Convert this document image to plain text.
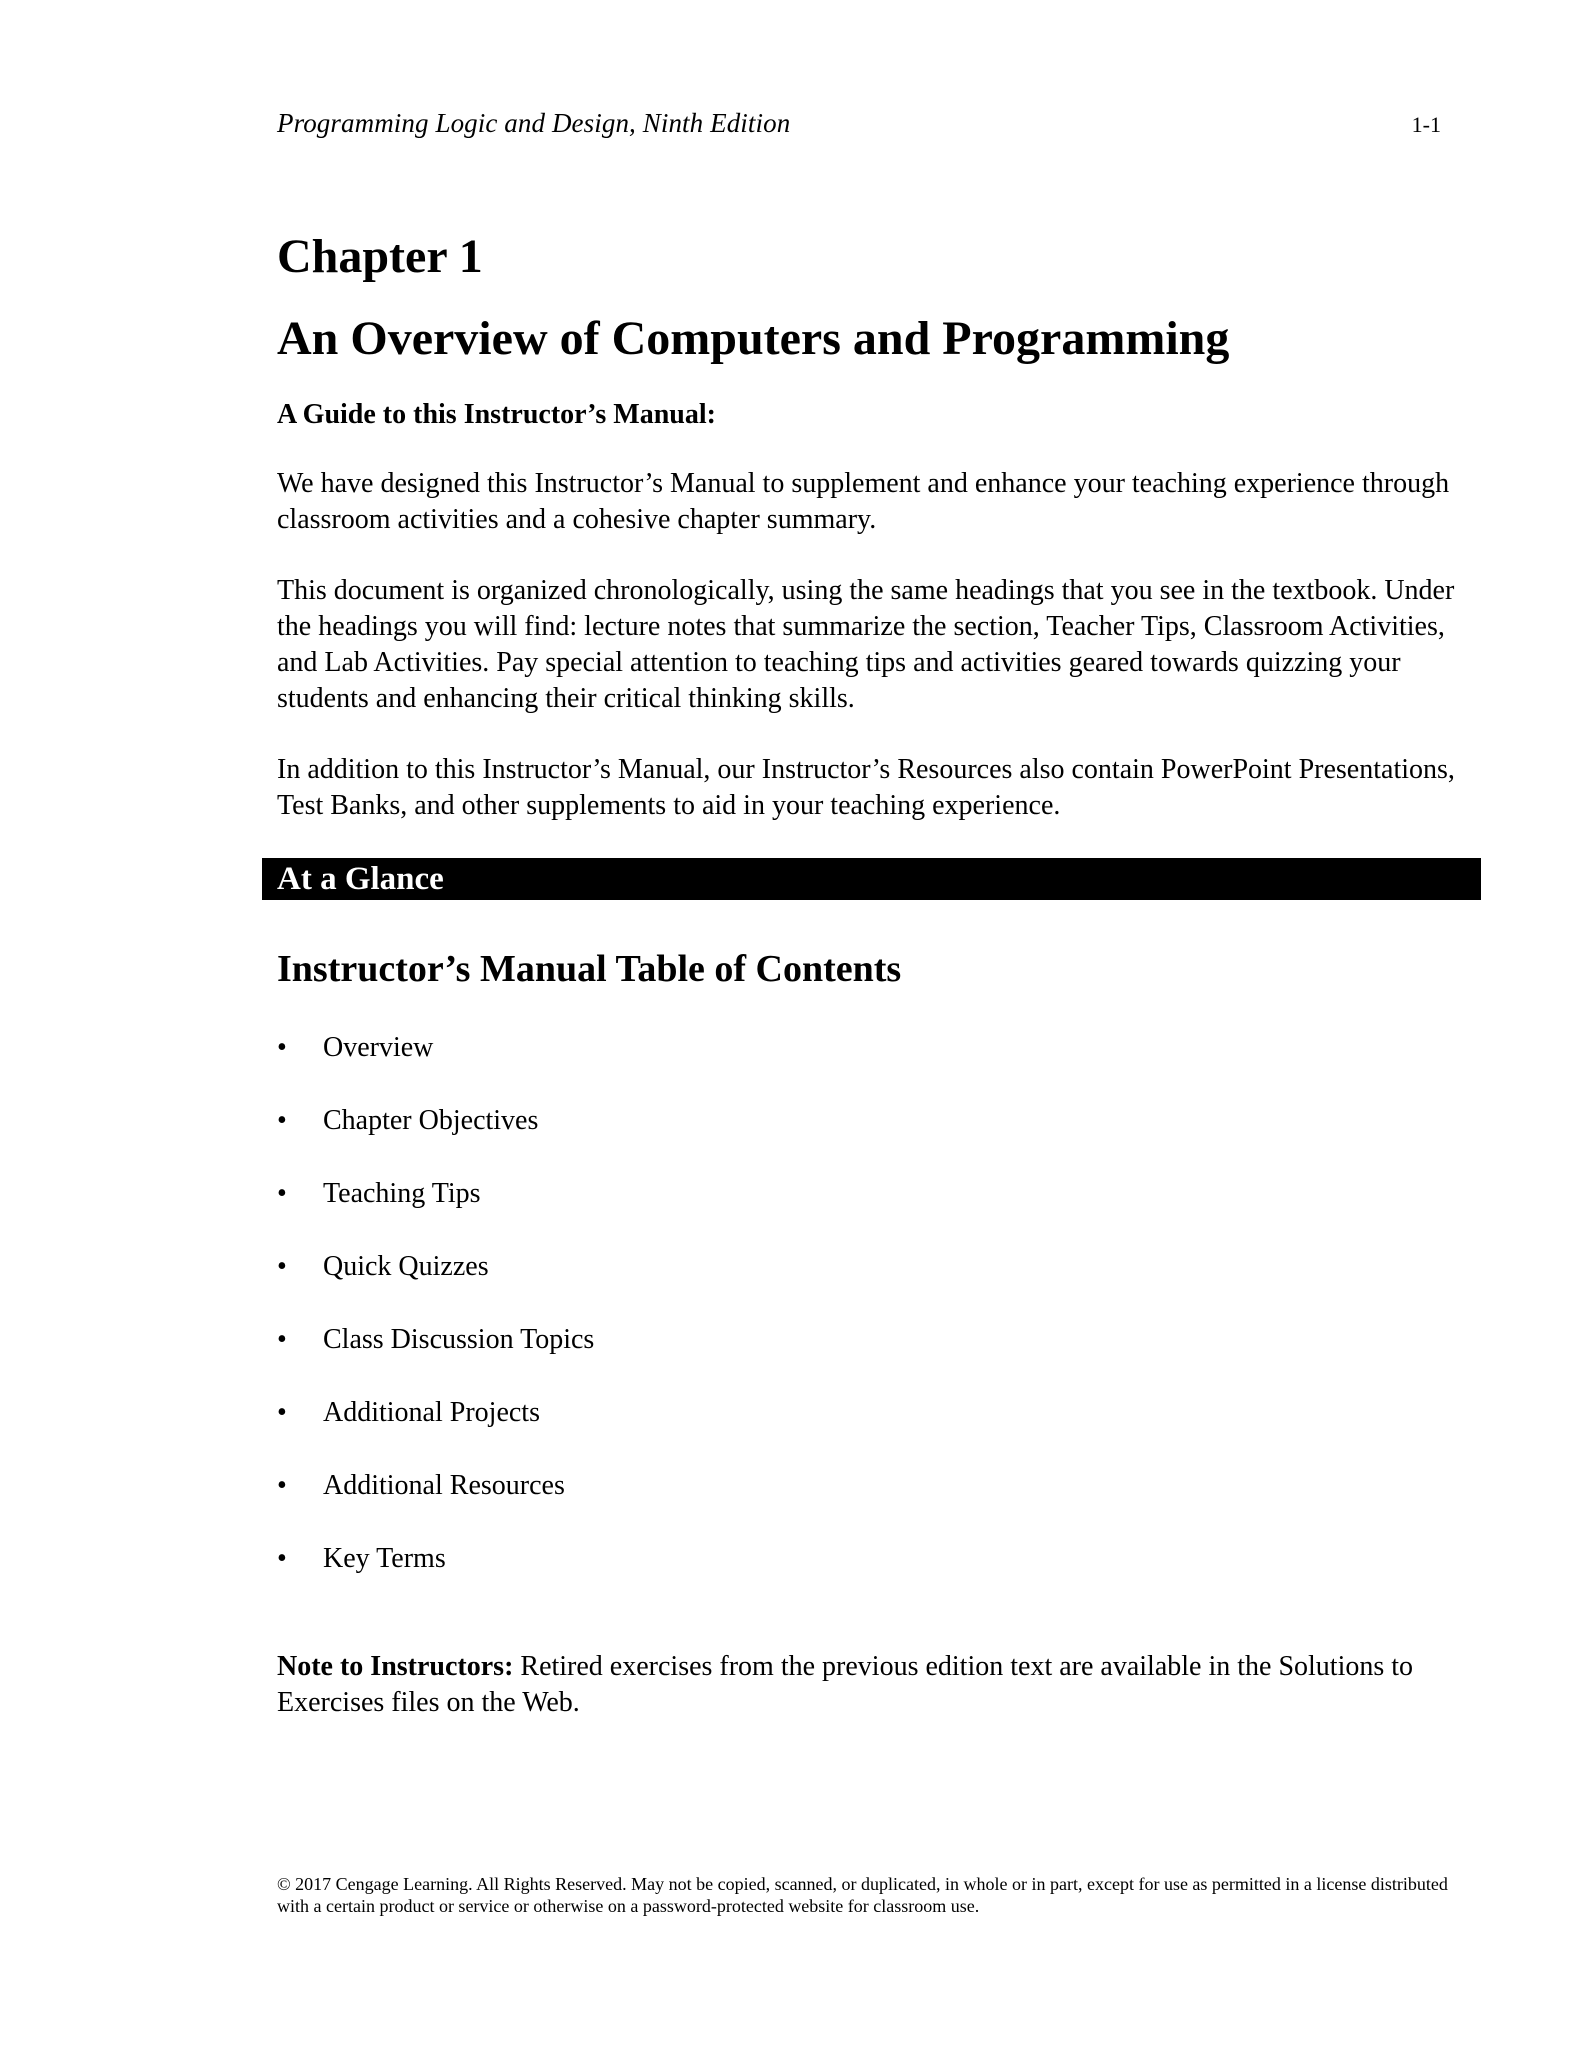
Programming Logic and Design, Ninth Edition	1-1
Chapter 1
An Overview of Computers and Programming
A Guide to this Instructor’s Manual:

We have designed this Instructor’s Manual to supplement and enhance your teaching experience through classroom activities and a cohesive chapter summary.

This document is organized chronologically, using the same headings that you see in the textbook. Under the headings you will find: lecture notes that summarize the section, Teacher Tips, Classroom Activities, and Lab Activities. Pay special attention to teaching tips and activities geared towards quizzing your students and enhancing their critical thinking skills.

In addition to this Instructor’s Manual, our Instructor’s Resources also contain PowerPoint Presentations, Test Banks, and other supplements to aid in your teaching experience.

At a Glance
Instructor’s Manual Table of Contents
•	Overview
•	Chapter Objectives
•	Teaching Tips
•	Quick Quizzes
•	Class Discussion Topics
•	Additional Projects
•	Additional Resources
•	Key Terms

Note to Instructors: Retired exercises from the previous edition text are available in the Solutions to Exercises files on the Web.

© 2017 Cengage Learning. All Rights Reserved. May not be copied, scanned, or duplicated, in whole or in part, except for use as permitted in a license distributed with a certain product or service or otherwise on a password-protected website for classroom use.
